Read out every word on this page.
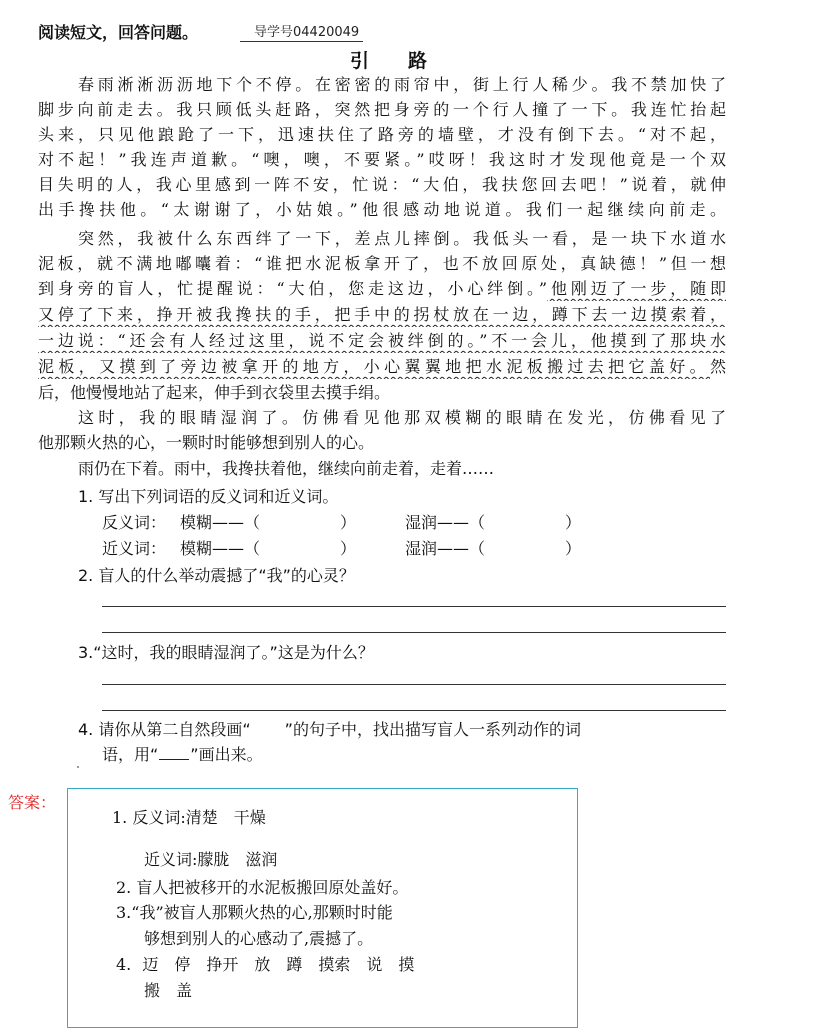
阅读短文，回答问题。	导学号04420049
引　路
春雨淅淅沥沥地下个不停。在密密的雨帘中，街上行人稀少。我不禁加快了
脚步向前走去。我只顾低头赶路，突然把身旁的一个行人撞了一下。我连忙抬起
头来，只见他踉跄了一下，迅速扶住了路旁的墙壁，才没有倒下去。“对不起，
对不起！”我连声道歉。“噢，噢，不要紧。”哎呀！我这时才发现他竟是一个双
目失明的人，我心里感到一阵不安，忙说：“大伯，我扶您回去吧！”说着，就伸
出手搀扶他。“太谢谢了，小姑娘。”他很感动地说道。我们一起继续向前走。
突然，我被什么东西绊了一下，差点儿摔倒。我低头一看，是一块下水道水
泥板，就不满地嘟囔着：“谁把水泥板拿开了，也不放回原处，真缺德！”但一想
到身旁的盲人，忙提醒说：“大伯，您走这边，小心绊倒。”他刚迈了一步，随即
又停了下来，挣开被我搀扶的手，把手中的拐杖放在一边，蹲下去一边摸索着，
一边说：“还会有人经过这里，说不定会被绊倒的。”不一会儿，他摸到了那块水
泥板，又摸到了旁边被拿开的地方，小心翼翼地把水泥板搬过去把它盖好。然
后，他慢慢地站了起来，伸手到衣袋里去摸手绢。
这时，我的眼睛湿润了。仿佛看见他那双模糊的眼睛在发光，仿佛看见了
他那颗火热的心，一颗时时能够想到别人的心。
雨仍在下着。雨中，我搀扶着他，继续向前走着，走着……
1. 写出下列词语的反义词和近义词。
反义词： 模糊——（	）	湿润——（	）
近义词： 模糊——（	）	湿润——（	）
2. 盲人的什么举动震撼了“我”的心灵？
3.“这时，我的眼睛湿润了。”这是为什么？
4. 请你从第二自然段画“ ”的句子中，找出描写盲人一系列动作的词
语，用“ ”画出来。
答案：
1. 反义词:清楚　干燥
近义词:朦胧　滋润
2. 盲人把被移开的水泥板搬回原处盖好。
3.“我”被盲人那颗火热的心,那颗时时能
够想到别人的心感动了,震撼了。
4. 迈　停　挣开　放　蹲　摸索　说　摸
搬　盖
